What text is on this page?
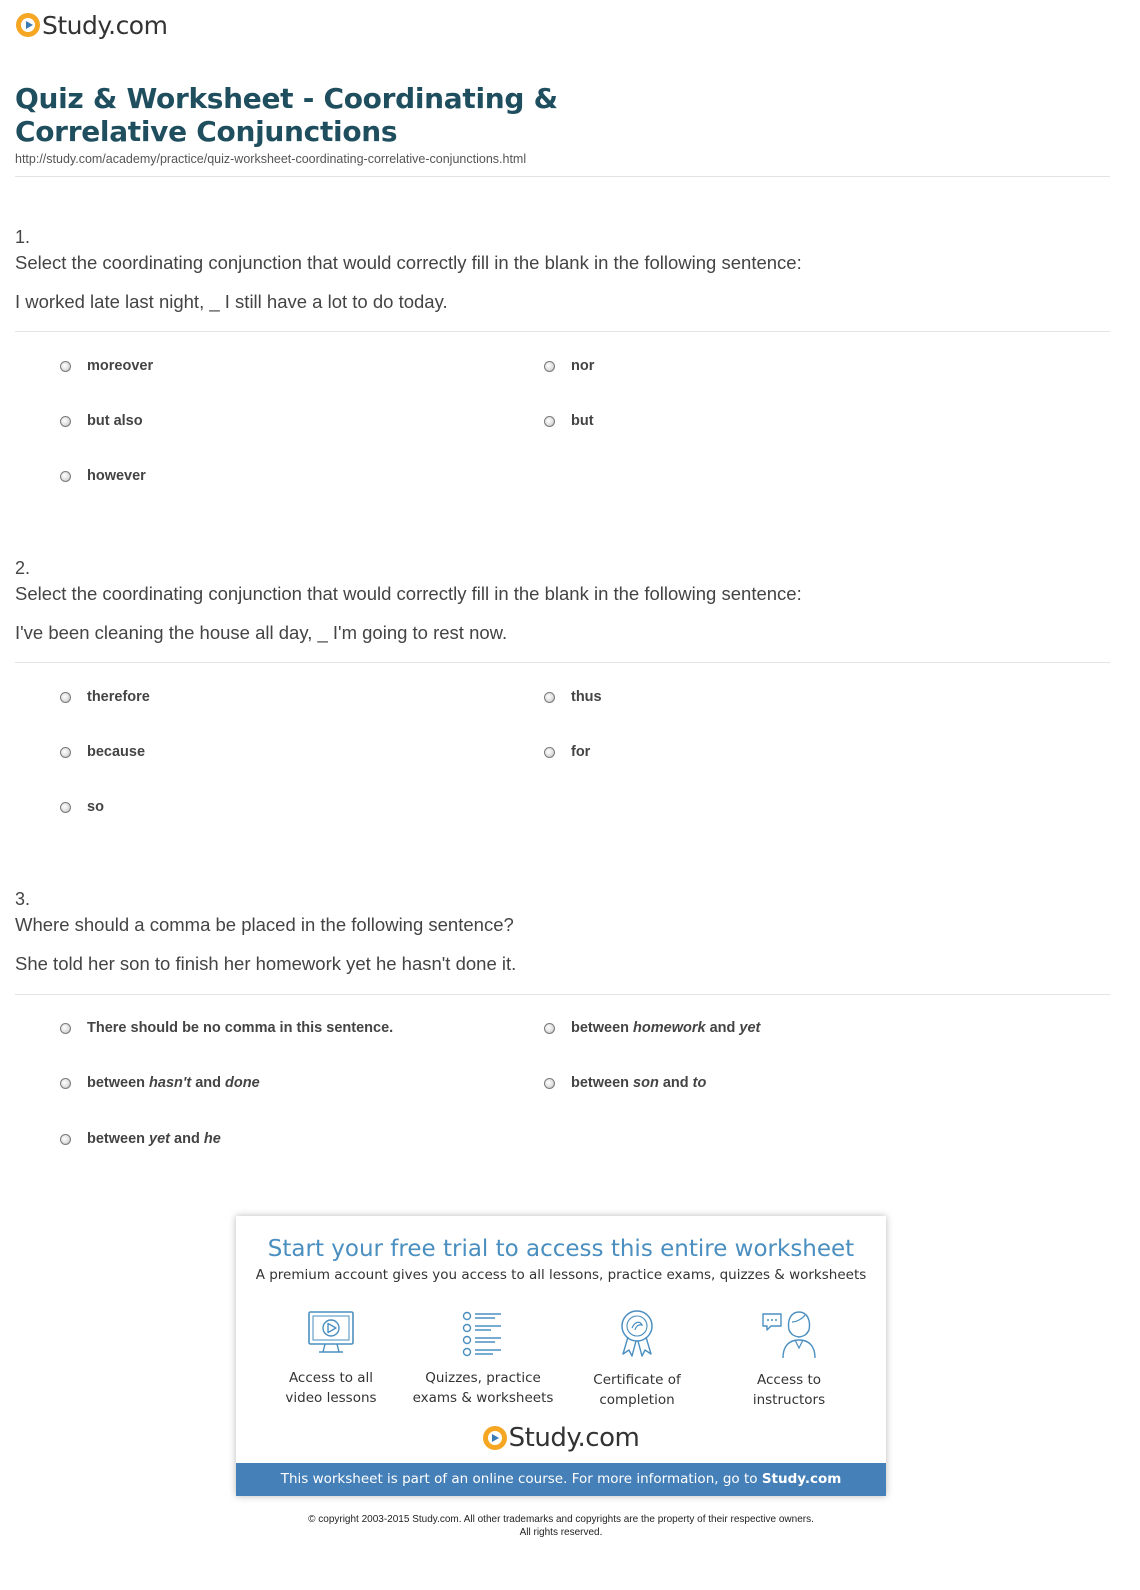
Study.com
Quiz & Worksheet - Coordinating & Correlative Conjunctions
http://study.com/academy/practice/quiz-worksheet-coordinating-correlative-conjunctions.html
1.
Select the coordinating conjunction that would correctly fill in the blank in the following sentence:
I worked late last night, _ I still have a lot to do today.
moreover
but also
however
nor
but
2.
Select the coordinating conjunction that would correctly fill in the blank in the following sentence:
I've been cleaning the house all day, _ I'm going to rest now.
therefore
because
so
thus
for
3.
Where should a comma be placed in the following sentence?
She told her son to finish her homework yet he hasn't done it.
There should be no comma in this sentence.
between hasn't and done
between yet and he
between homework and yet
between son and to
Start your free trial to access this entire worksheet
A premium account gives you access to all lessons, practice exams, quizzes & worksheets
Access to all
video lessons
Quizzes, practice
exams & worksheets
Certificate of
completion
Access to
instructors
Study.com
This worksheet is part of an online course. For more information, go to Study.com
© copyright 2003-2015 Study.com. All other trademarks and copyrights are the property of their respective owners.
All rights reserved.
